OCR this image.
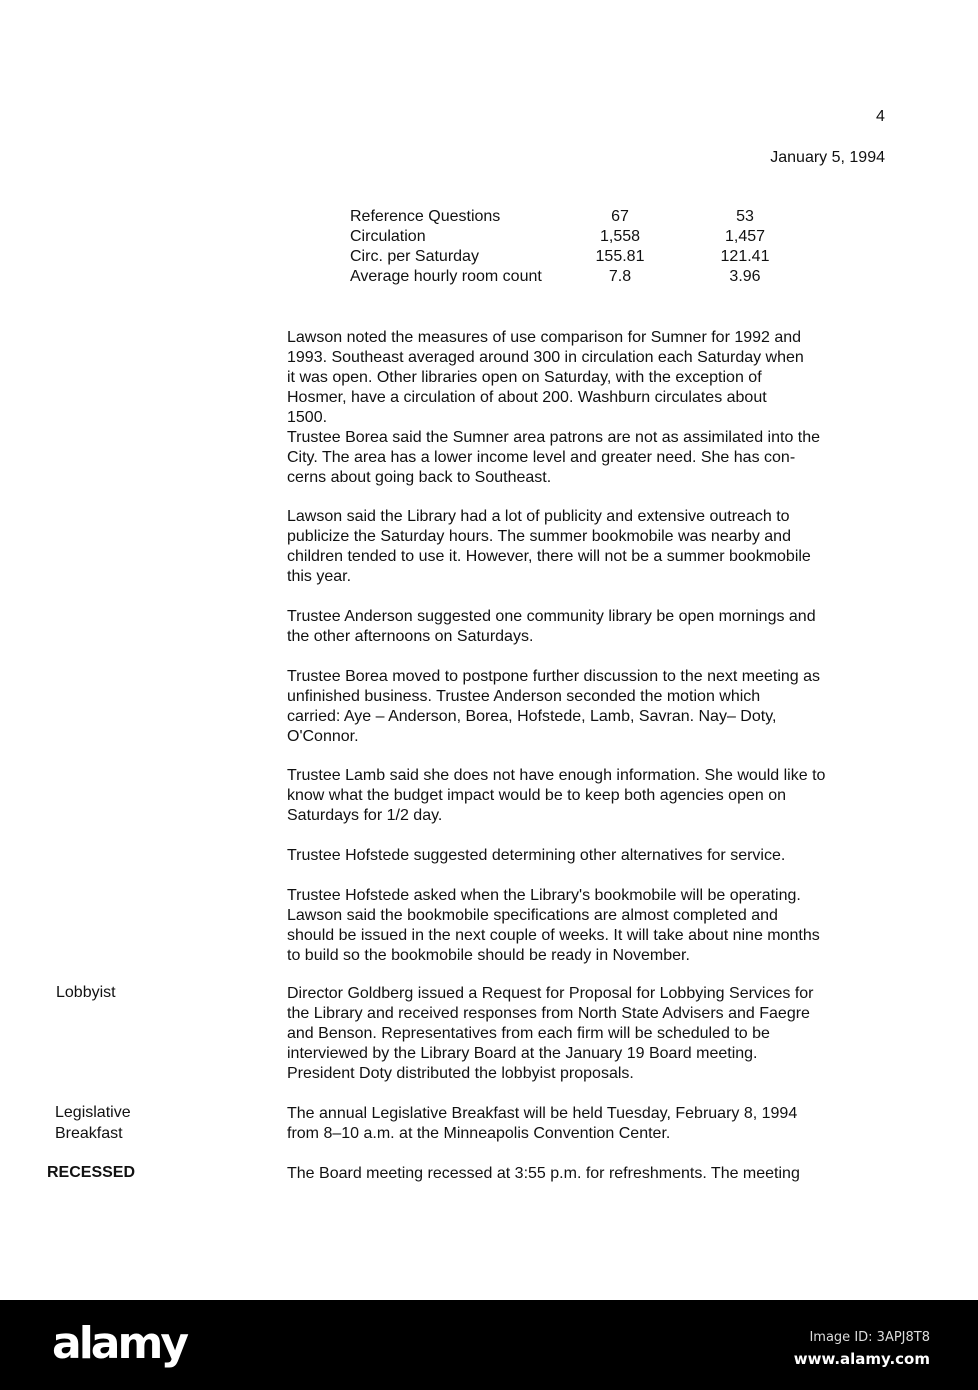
4
January 5, 1994
Reference Questions	67	53
Circulation	1,558	1,457
Circ. per Saturday	155.81	121.41
Average hourly room count	7.8	3.96
Lawson noted the measures of use comparison for Sumner for 1992 and
1993. Southeast averaged around 300 in circulation each Saturday when
it was open. Other libraries open on Saturday, with the exception of
Hosmer, have a circulation of about 200. Washburn circulates about
1500.
Trustee Borea said the Sumner area patrons are not as assimilated into the
City. The area has a lower income level and greater need. She has con-
cerns about going back to Southeast.
Lawson said the Library had a lot of publicity and extensive outreach to
publicize the Saturday hours. The summer bookmobile was nearby and
children tended to use it. However, there will not be a summer bookmobile
this year.
Trustee Anderson suggested one community library be open mornings and
the other afternoons on Saturdays.
Trustee Borea moved to postpone further discussion to the next meeting as
unfinished business. Trustee Anderson seconded the motion which
carried: Aye – Anderson, Borea, Hofstede, Lamb, Savran. Nay– Doty,
O'Connor.
Trustee Lamb said she does not have enough information. She would like to
know what the budget impact would be to keep both agencies open on
Saturdays for 1/2 day.
Trustee Hofstede suggested determining other alternatives for service.
Trustee Hofstede asked when the Library's bookmobile will be operating.
Lawson said the bookmobile specifications are almost completed and
should be issued in the next couple of weeks. It will take about nine months
to build so the bookmobile should be ready in November.
Director Goldberg issued a Request for Proposal for Lobbying Services for
the Library and received responses from North State Advisers and Faegre
and Benson. Representatives from each firm will be scheduled to be
interviewed by the Library Board at the January 19 Board meeting.
President Doty distributed the lobbyist proposals.
The annual Legislative Breakfast will be held Tuesday, February 8, 1994
from 8–10 a.m. at the Minneapolis Convention Center.
The Board meeting recessed at 3:55 p.m. for refreshments. The meeting
Lobbyist
Legislative
Breakfast
RECESSED
alamy	Image ID: 3APJ8T8
www.alamy.com
